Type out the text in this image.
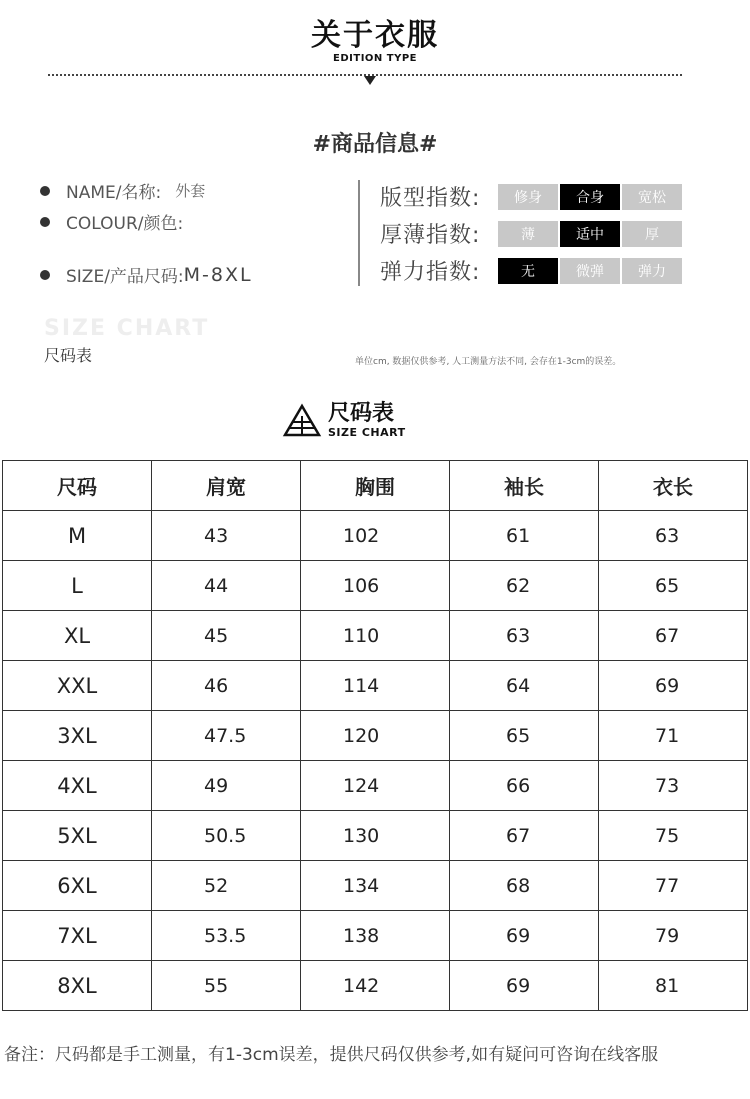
关于衣服
EDITION TYPE
#商品信息#
NAME/名称: 外套
COLOUR/颜色:
SIZE/产品尺码: M-8XL
版型指数:	修身	合身	宽松
厚薄指数:	薄	适中	厚
弹力指数:	无	微弹	弹力
SIZE CHART
尺码表	单位cm, 数据仅供参考, 人工测量方法不同, 会存在1-3cm的误差。
尺码表
SIZE CHART
尺码	肩宽	胸围	袖长	衣长
M	43	102	61	63
L	44	106	62	65
XL	45	110	63	67
XXL	46	114	64	69
3XL	47.5	120	65	71
4XL	49	124	66	73
5XL	50.5	130	67	75
6XL	52	134	68	77
7XL	53.5	138	69	79
8XL	55	142	69	81
备注：尺码都是手工测量，有1-3cm误差，提供尺码仅供参考,如有疑问可咨询在线客服
